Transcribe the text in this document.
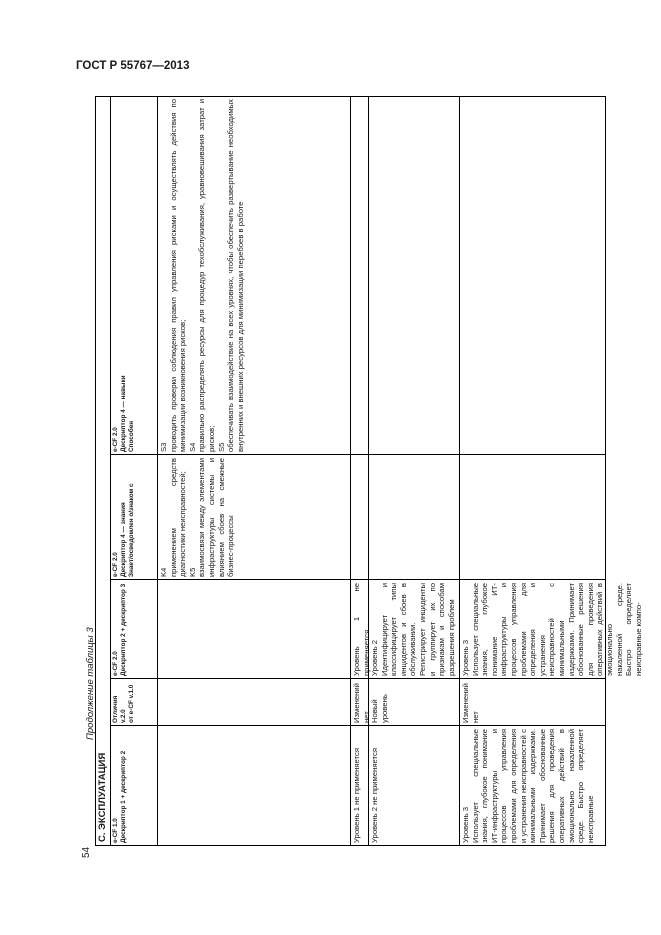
ГОСТ Р 55767—2013
54
Продолжение таблицы 3
С. ЭКСПЛУАТАЦИЯ e-CF 1.0
Дескриптор 1 + дескриптор 2
Отличия v.2.0
от e-CF v.1.0
e-CF 2.0
Дескриптор 2 + дескриптор 3
e-CF 2.0
Дескриптор 4 — знания
Знает/осведомлен о/знаком с
e-CF 2.0
Дескриптор 4 — навыки
Способен
K4
применением средств диагностики неисправностей;
K5
взаимосвязи между элементами инфраструктуры системы и влиянием сбоев на смежные бизнес-процессы
S3
проводить проверки соблюдения правил управления рисками и осуществлять действия по минимизации возникновения рисков;
S4
правильно распределять ресурсы для процедур техобслуживания, уравновешивания затрат и рисков;
S5
обеспечивать взаимодействие на всех уровнях, чтобы обеспечить развертывание необходимых внутренних и внешних ресурсов для минимизации перебоев в работе
Уровень 1 не применяется
Изменений нет
Уровень 1 не применяется
Уровень 2 не применяется
Новый уровень
Уровень 2
Идентифицирует и классифицирует типы инцидентов и сбоев в обслуживании. Регистрирует инциденты и группирует их по признакам и способам разрешения проблем
Уровень 3
Использует специальные знания, глубокое понимание ИТ-инфраструктуры и процессов управления проблемами для определения и устранения неисправностей с минимальными издержками. Принимает обоснованные решения для проведения оперативных действий в эмоционально накаленной среде. Быстро определяет неисправные
Изменений нет
Уровень 3
Использует специальные знания, глубокое понимание ИТ-инфраструктуры и процессов управления проблемами для определения и устранения неисправностей с минимальными издержками. Принимает обоснованные решения для проведения оперативных действий в эмоционально накаленной среде. Быстро определяет неисправные компо-
